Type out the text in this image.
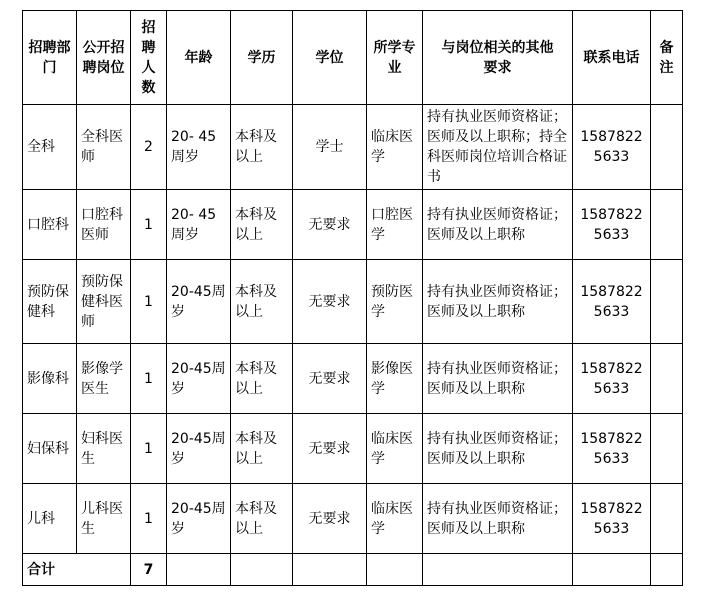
招聘部门	公开招聘岗位	招聘人数	年龄	学历	学位	所学专业	与岗位相关的其他要求	联系电话	备注
全科	全科医师	2	20- 45周岁	本科及以上	学士	临床医学	持有执业医师资格证；医师及以上职称；持全科医师岗位培训合格证书	15878225633	
口腔科	口腔科医师	1	20- 45周岁	本科及以上	无要求	口腔医学	持有执业医师资格证；医师及以上职称	15878225633	
预防保健科	预防保健科医师	1	20-45周岁	本科及以上	无要求	预防医学	持有执业医师资格证；医师及以上职称	15878225633	
影像科	影像学医生	1	20-45周岁	本科及以上	无要求	影像医学	持有执业医师资格证；医师及以上职称	15878225633	
妇保科	妇科医生	1	20-45周岁	本科及以上	无要求	临床医学	持有执业医师资格证；医师及以上职称	15878225633	
儿科	儿科医生	1	20-45周岁	本科及以上	无要求	临床医学	持有执业医师资格证；医师及以上职称	15878225633	
合计		7							
